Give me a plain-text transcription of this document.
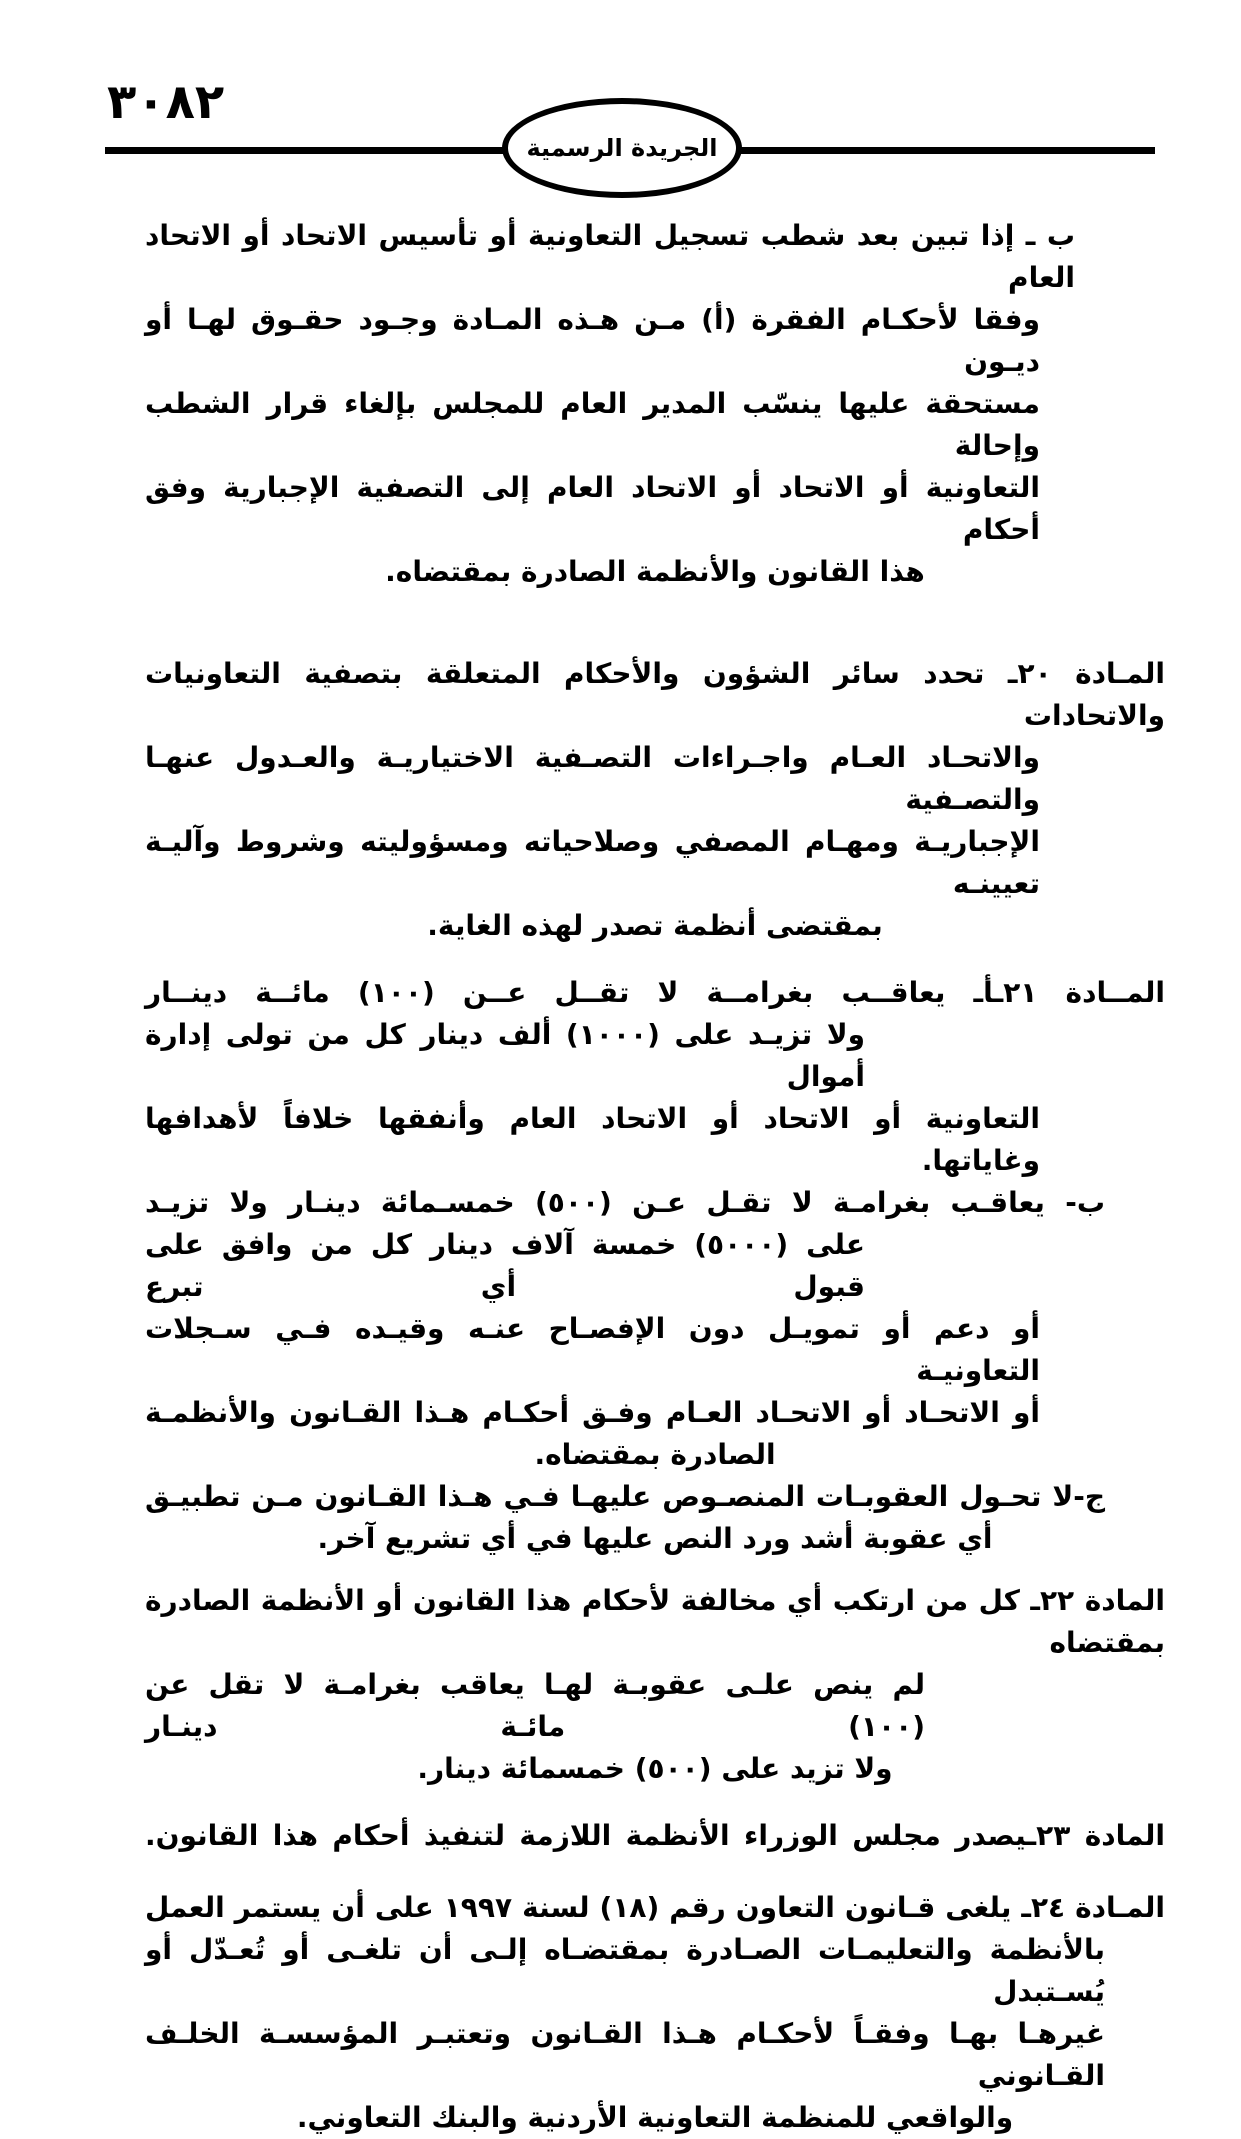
٣٠٨٢
الجريدة الرسمية
ب ـ إذا تبين بعد شطب تسجيل التعاونية أو تأسيس الاتحاد أو الاتحاد العام
وفقا لأحكـام الفقرة (أ) مـن هـذه المـادة وجـود حقـوق لهـا أو ديـون
مستحقة عليها ينسّب المدير العام للمجلس بإلغاء قرار الشطب وإحالة
التعاونية أو الاتحاد أو الاتحاد العام إلى التصفية الإجبارية وفق أحكام
هذا القانون والأنظمة الصادرة بمقتضاه.
المـادة ٢٠ـ تحدد سائر الشؤون والأحكام المتعلقة بتصفية التعاونيات والاتحادات
والاتحـاد العـام واجـراءات التصـفية الاختياريـة والعـدول عنهـا والتصـفية
الإجباريـة ومهـام المصفي وصلاحياته ومسؤوليته وشروط وآليـة تعيينـه
بمقتضى أنظمة تصدر لهذه الغاية.
المــادة ٢١ـأـ يعاقــب بغرامــة لا تقــل عــن (١٠٠) مائــة دينــار
ولا تزيـد على (١٠٠٠) ألف دينار كل من تولى إدارة أموال
التعاونية أو الاتحاد أو الاتحاد العام وأنفقها خلافاً لأهدافها وغاياتها.
ب- يعاقـب بغرامـة لا تقـل عـن (٥٠٠) خمسـمائة دينـار ولا تزيـد
على (٥٠٠٠) خمسة آلاف دينار كل من وافق على قبول أي تبرع
أو دعم أو تمويـل دون الإفصـاح عنـه وقيـده فـي سـجلات التعاونيـة
أو الاتحـاد أو الاتحـاد العـام وفـق أحكـام هـذا القـانون والأنظمـة
الصادرة بمقتضاه.
ج-لا تحـول العقوبـات المنصـوص عليهـا فـي هـذا القـانون مـن تطبيـق
أي عقوبة أشد ورد النص عليها في أي تشريع آخر.
المادة ٢٢ـ كل من ارتكب أي مخالفة لأحكام هذا القانون أو الأنظمة الصادرة بمقتضاه
لم ينص علـى عقوبـة لهـا يعاقب بغرامـة لا تقل عن (١٠٠) مائـة دينـار
ولا تزيد على (٥٠٠) خمسمائة دينار.
المادة ٢٣ـيصدر مجلس الوزراء الأنظمة اللازمة لتنفيذ أحكام هذا القانون.
المـادة ٢٤ـ يلغى قـانون التعاون رقم (١٨) لسنة ١٩٩٧ على أن يستمر العمل
بالأنظمة والتعليمـات الصـادرة بمقتضـاه إلـى أن تلغـى أو تُعـدّل أو يُسـتبدل
غيرهـا بهـا وفقـاً لأحكـام هـذا القـانون وتعتبـر المؤسسـة الخلـف القـانوني
والواقعي للمنظمة التعاونية الأردنية والبنك التعاوني.
